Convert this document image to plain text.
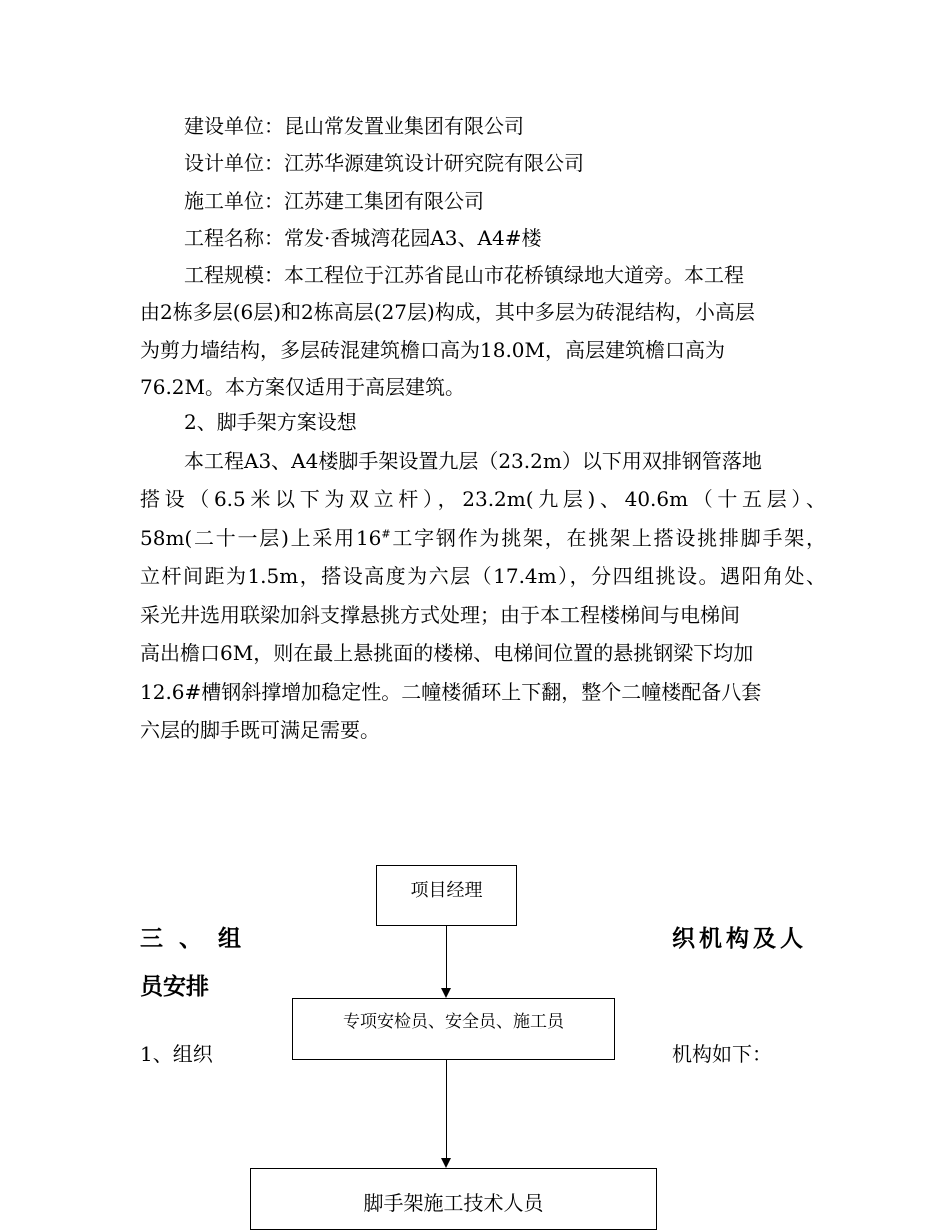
建设单位：昆山常发置业集团有限公司
设计单位：江苏华源建筑设计研究院有限公司
施工单位：江苏建工集团有限公司
工程名称：常发·香城湾花园A3、A4#楼
工程规模：本工程位于江苏省昆山市花桥镇绿地大道旁。本工程
由2栋多层(6层)和2栋高层(27层)构成，其中多层为砖混结构，小高层
为剪力墙结构，多层砖混建筑檐口高为18.0M，高层建筑檐口高为
76.2M。本方案仅适用于高层建筑。
2、脚手架方案设想
本工程A3、A4楼脚手架设置九层（23.2m）以下用双排钢管落地
搭设（6.5米以下为双立杆），23.2m(九层)、40.6m（十五层）、
58m(二十一层)上采用16#工字钢作为挑架，在挑架上搭设挑排脚手架，
立杆间距为1.5m，搭设高度为六层（17.4m），分四组挑设。遇阳角处、
采光井选用联梁加斜支撑悬挑方式处理；由于本工程楼梯间与电梯间
高出檐口6M，则在最上悬挑面的楼梯、电梯间位置的悬挑钢梁下均加
12.6#槽钢斜撑增加稳定性。二幢楼循环上下翻，整个二幢楼配备八套
六层的脚手既可满足需要。
三、组	织机构及人
员安排
1、组织	机构如下：
项目经理
专项安检员、安全员、施工员
脚手架施工技术人员
